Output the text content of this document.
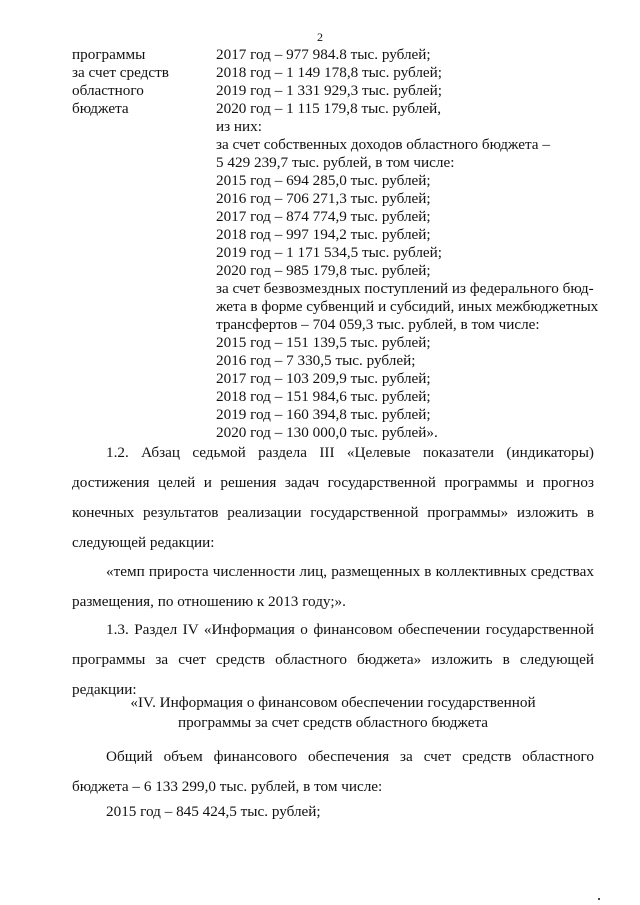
2
программы
за счет средств
областного
бюджета
2017 год – 977 984.8 тыс. рублей;
2018 год – 1 149 178,8 тыс. рублей;
2019 год – 1 331 929,3 тыс. рублей;
2020 год – 1 115 179,8 тыс. рублей,
из них:
за счет собственных доходов областного бюджета –
5 429 239,7 тыс. рублей, в том числе:
2015 год – 694 285,0 тыс. рублей;
2016 год – 706 271,3 тыс. рублей;
2017 год – 874 774,9 тыс. рублей;
2018 год – 997 194,2 тыс. рублей;
2019 год – 1 171 534,5 тыс. рублей;
2020 год – 985 179,8 тыс. рублей;
за счет безвозмездных поступлений из федерального бюд-
жета в форме субвенций и субсидий, иных межбюджетных
трансфертов – 704 059,3 тыс. рублей, в том числе:
2015 год – 151 139,5 тыс. рублей;
2016 год – 7 330,5 тыс. рублей;
2017 год – 103 209,9 тыс. рублей;
2018 год – 151 984,6 тыс. рублей;
2019 год – 160 394,8 тыс. рублей;
2020 год – 130 000,0 тыс. рублей».
1.2. Абзац седьмой раздела III «Целевые показатели (индикаторы) достижения целей и решения задач государственной программы и прогноз конечных результатов реализации государственной программы» изложить в следующей редакции:
«темп прироста численности лиц, размещенных в коллективных средствах размещения, по отношению к 2013 году;».
1.3. Раздел IV «Информация о финансовом обеспечении государственной программы за счет средств областного бюджета» изложить в следующей редакции:
«IV. Информация о финансовом обеспечении государственной
программы за счет средств областного бюджета
Общий объем финансового обеспечения за счет средств областного бюджета – 6 133 299,0 тыс. рублей, в том числе:
2015 год – 845 424,5 тыс. рублей;
